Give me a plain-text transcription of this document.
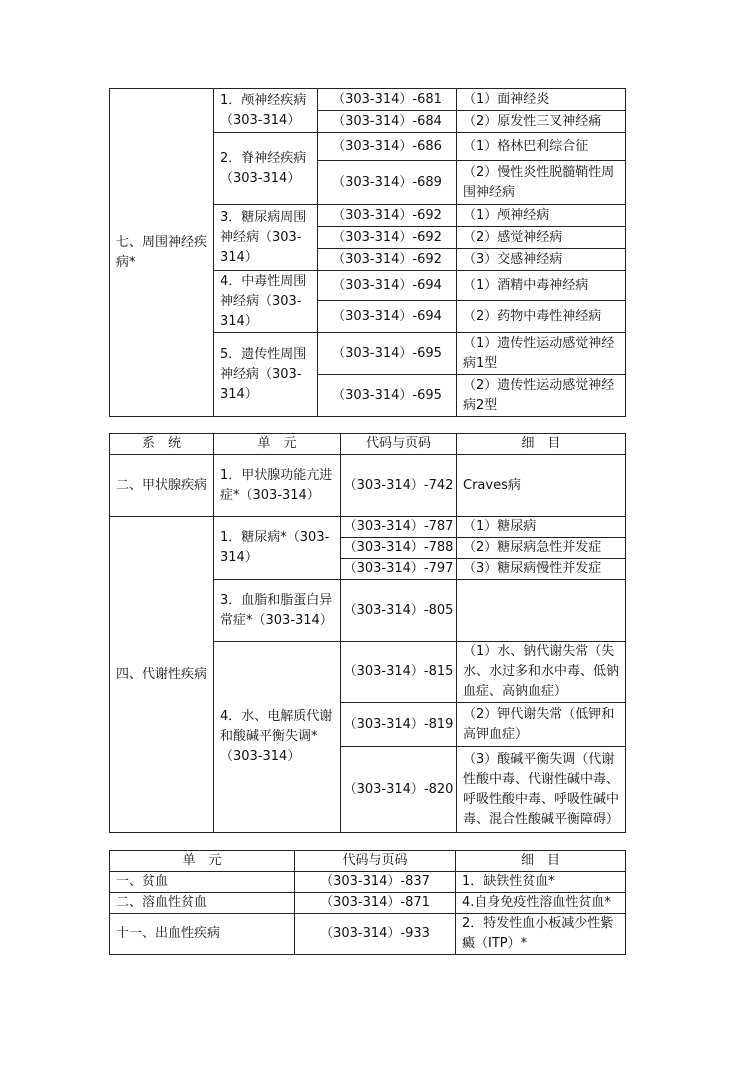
七、周围神经疾病*	1．颅神经疾病（303-314）	（303-314）-681	（1）面神经炎
		（303-314）-684	（2）原发性三叉神经痛
	2．脊神经疾病（303-314）	（303-314）-686	（1）格林巴利综合征
		（303-314）-689	（2）慢性炎性脱髓鞘性周围神经病
	3．糖尿病周围神经病（303-314）	（303-314）-692	（1）颅神经病
		（303-314）-692	（2）感觉神经病
		（303-314）-692	（3）交感神经病
	4．中毒性周围神经病（303-314）	（303-314）-694	（1）酒精中毒神经病
		（303-314）-694	（2）药物中毒性神经病
	5．遗传性周围神经病（303-314）	（303-314）-695	（1）遗传性运动感觉神经病1型
		（303-314）-695	（2）遗传性运动感觉神经病2型
系　统	单　元	代码与页码	细　目
二、甲状腺疾病	1．甲状腺功能亢进症*（303-314）	（303-314）-742	Craves病
四、代谢性疾病	1．糖尿病*（303-314）	（303-314）-787	（1）糖尿病
		（303-314）-788	（2）糖尿病急性并发症
		（303-314）-797	（3）糖尿病慢性并发症
	3．血脂和脂蛋白异常症*（303-314）	（303-314）-805	
	4．水、电解质代谢和酸碱平衡失调*（303-314）	（303-314）-815	（1）水、钠代谢失常（失水、水过多和水中毒、低钠血症、高钠血症）
		（303-314）-819	（2）钾代谢失常（低钾和高钾血症）
		（303-314）-820	（3）酸碱平衡失调（代谢性酸中毒、代谢性碱中毒、呼吸性酸中毒、呼吸性碱中毒、混合性酸碱平衡障碍）
单　元	代码与页码	细　目
一、贫血	（303-314）-837	1．缺铁性贫血*
二、溶血性贫血	（303-314）-871	4.自身免疫性溶血性贫血*
十一、出血性疾病	（303-314）-933	2．特发性血小板减少性紫癜（ITP）*
